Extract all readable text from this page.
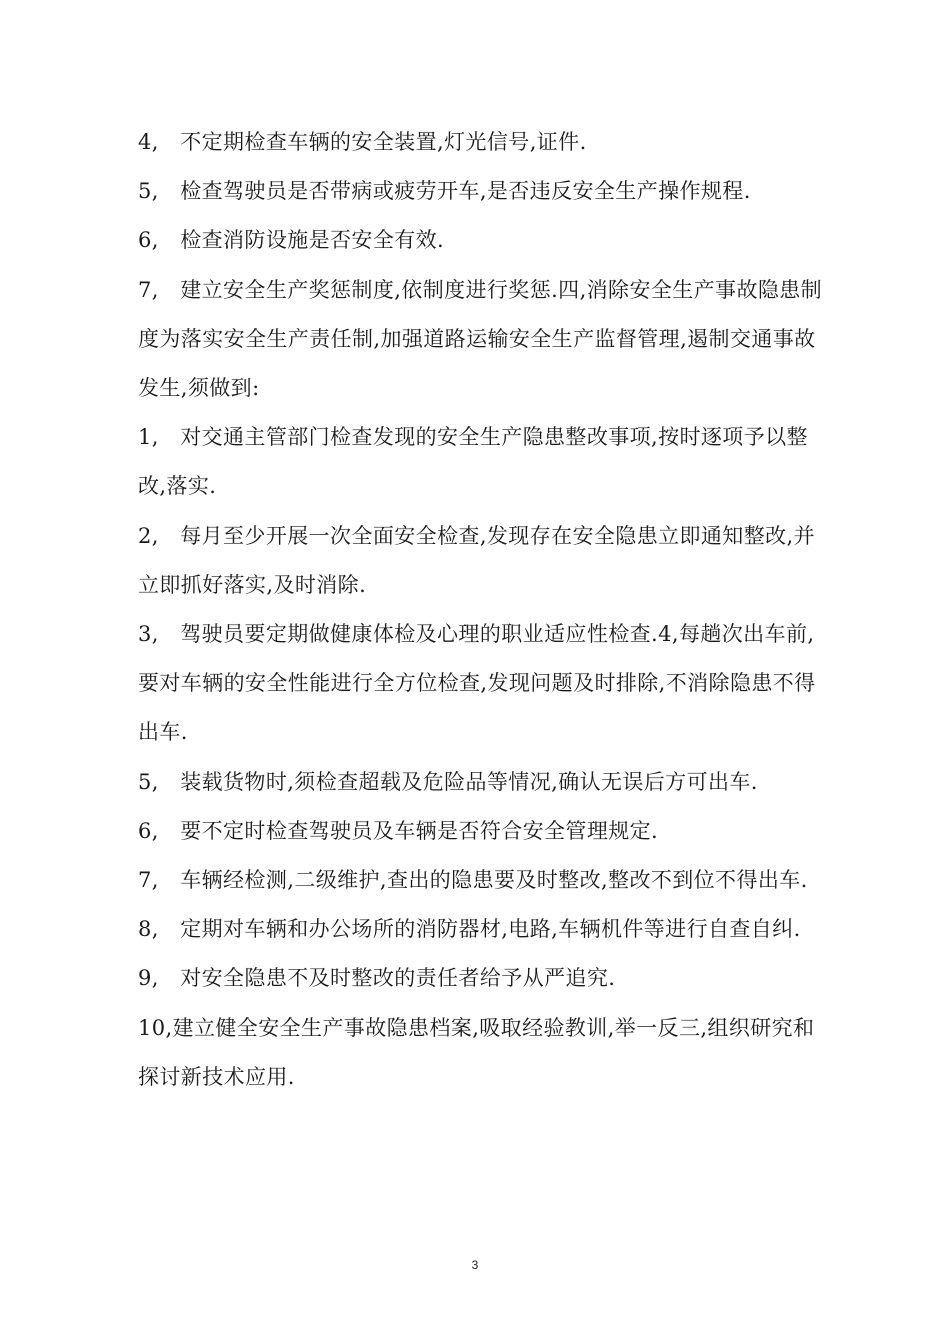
4,　不定期检查车辆的安全装置,灯光信号,证件.

5,　检查驾驶员是否带病或疲劳开车,是否违反安全生产操作规程.

6,　检查消防设施是否安全有效.

7,　建立安全生产奖惩制度,依制度进行奖惩.四,消除安全生产事故隐患制度为落实安全生产责任制,加强道路运输安全生产监督管理,遏制交通事故发生,须做到:

1,　对交通主管部门检查发现的安全生产隐患整改事项,按时逐项予以整改,落实.

2,　每月至少开展一次全面安全检查,发现存在安全隐患立即通知整改,并立即抓好落实,及时消除.

3,　驾驶员要定期做健康体检及心理的职业适应性检查.4,每趟次出车前,要对车辆的安全性能进行全方位检查,发现问题及时排除,不消除隐患不得出车.

5,　装载货物时,须检查超载及危险品等情况,确认无误后方可出车.

6,　要不定时检查驾驶员及车辆是否符合安全管理规定.

7,　车辆经检测,二级维护,查出的隐患要及时整改,整改不到位不得出车.

8,　定期对车辆和办公场所的消防器材,电路,车辆机件等进行自查自纠.

9,　对安全隐患不及时整改的责任者给予从严追究.

10,建立健全安全生产事故隐患档案,吸取经验教训,举一反三,组织研究和探讨新技术应用.

3
